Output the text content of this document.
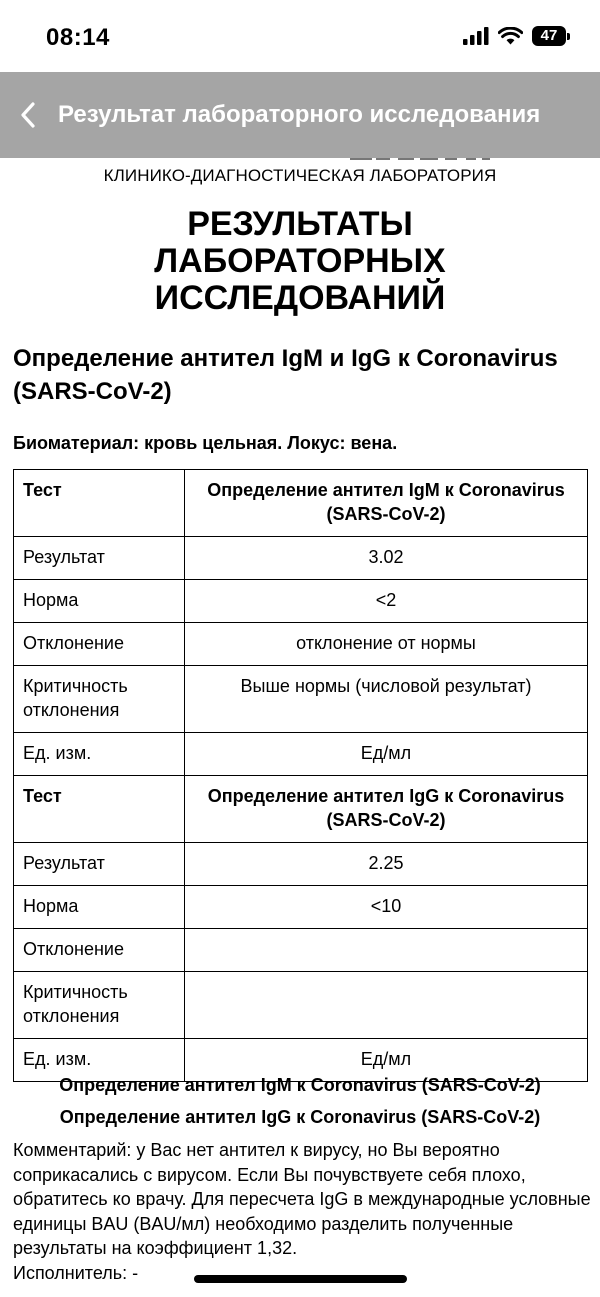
08:14	47
Результат лабораторного исследования
КЛИНИКО-ДИАГНОСТИЧЕСКАЯ ЛАБОРАТОРИЯ
РЕЗУЛЬТАТЫ
ЛАБОРАТОРНЫХ
ИССЛЕДОВАНИЙ
Определение антител IgM и IgG к Coronavirus (SARS-CoV-2)
Биоматериал: кровь цельная. Локус: вена.
Тест	Определение антител IgM к Coronavirus (SARS-CoV-2)
Результат	3.02
Норма	<2
Отклонение	отклонение от нормы
Критичность отклонения	Выше нормы (числовой результат)
Ед. изм.	Ед/мл
Тест	Определение антител IgG к Coronavirus (SARS-CoV-2)
Результат	2.25
Норма	<10
Отклонение	
Критичность отклонения	
Ед. изм.	Ед/мл
Определение антител IgM к Coronavirus (SARS-CoV-2)
Определение антител IgG к Coronavirus (SARS-CoV-2)
Комментарий: у Вас нет антител к вирусу, но Вы вероятно соприкасались с вирусом. Если Вы почувствуете себя плохо, обратитесь ко врачу. Для пересчета IgG в международные условные единицы BAU (BAU/мл) необходимо разделить полученные результаты на коэффициент 1,32.
Исполнитель: -
